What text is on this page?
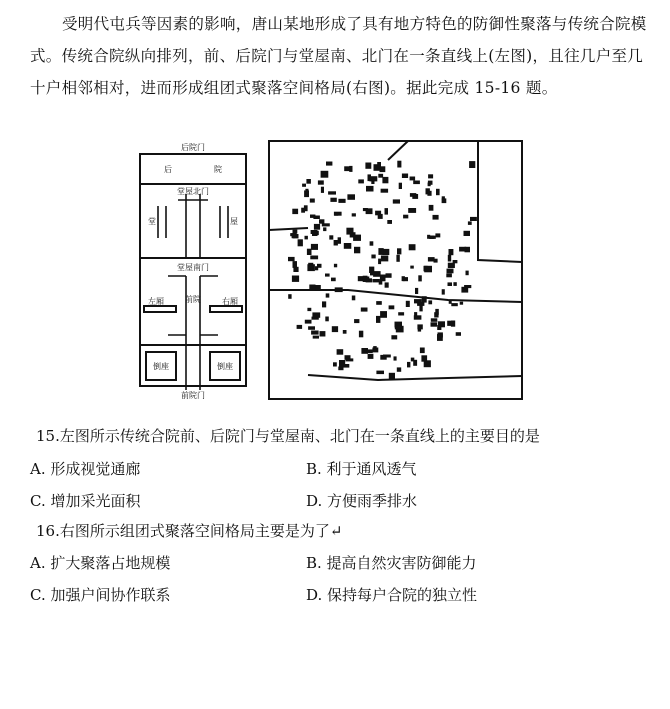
受明代屯兵等因素的影响，唐山某地形成了具有地方特色的防御性聚落与传统合院模式。传统合院纵向排列，前、后院门与堂屋南、北门在一条直线上(左图)，且往几户至几十户相邻相对，进而形成组团式聚落空间格局(右图)。据此完成 15-16 题。
后院门
后	院
堂屋北门
堂	屋
堂屋南门
左厢	右厢
倒座	倒座
前院门
前院
15.左图所示传统合院前、后院门与堂屋南、北门在一条直线上的主要目的是
A. 形成视觉通廊	B. 利于通风透气
C. 增加采光面积	D. 方便雨季排水
16.右图所示组团式聚落空间格局主要是为了↵
A. 扩大聚落占地规模	B. 提高自然灾害防御能力
C. 加强户间协作联系	D. 保持每户合院的独立性
